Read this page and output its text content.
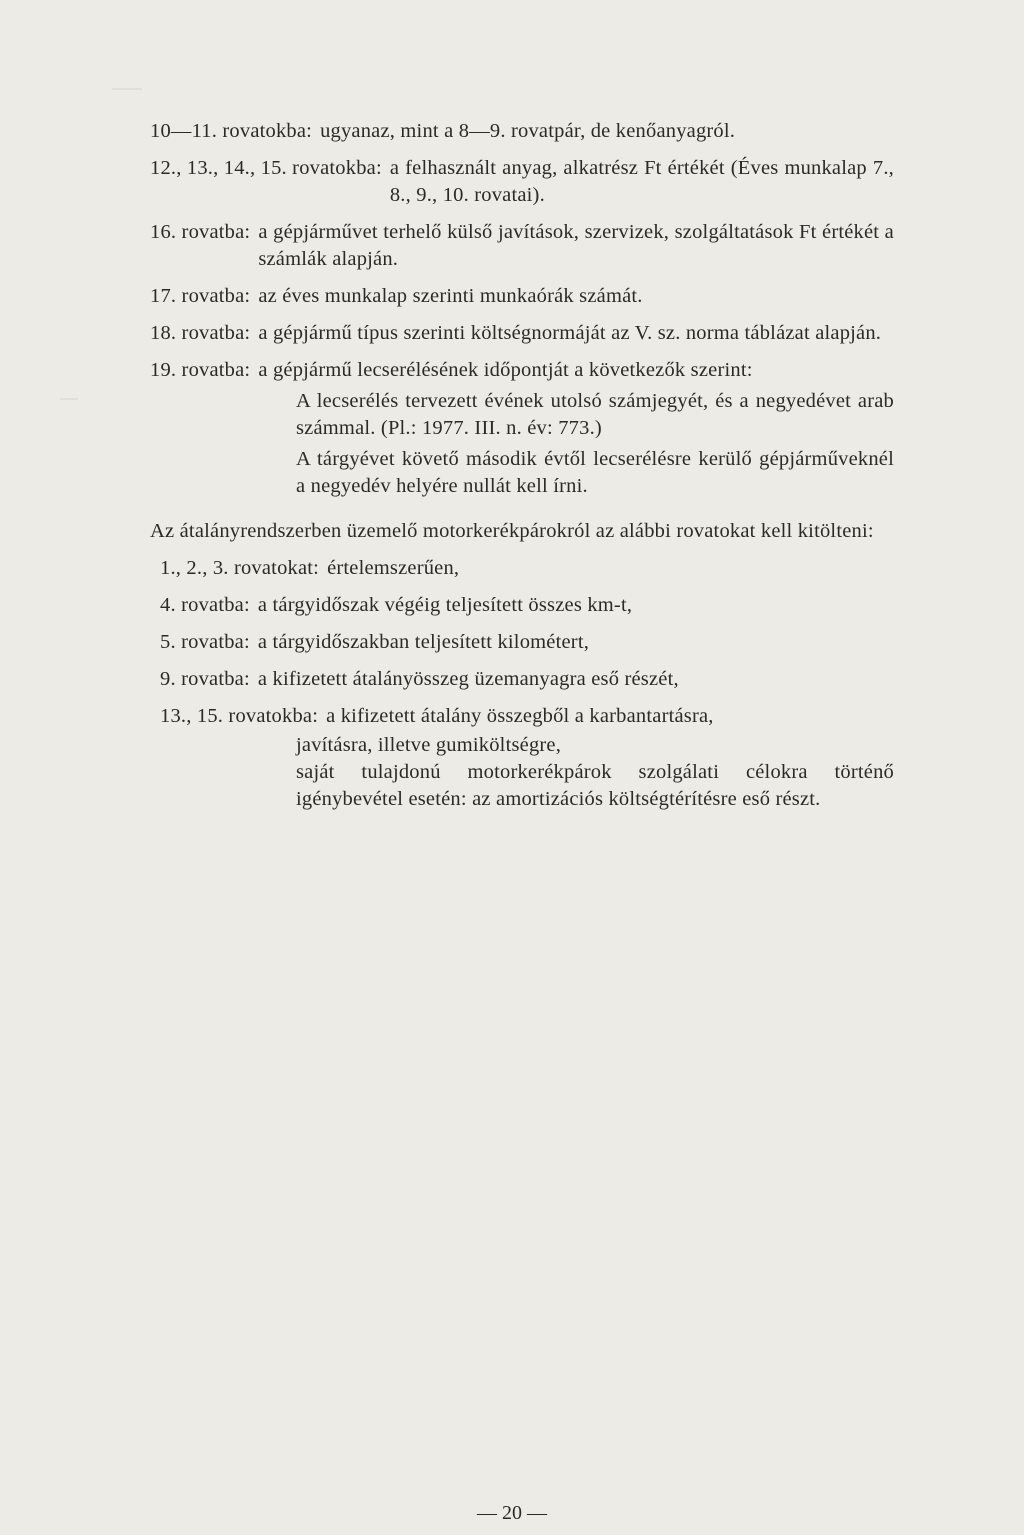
10—11. rovatokba: ugyanaz, mint a 8—9. rovatpár, de kenőanyagról.
12., 13., 14., 15. rovatokba: a felhasznált anyag, alkatrész Ft értékét (Éves munkalap 7., 8., 9., 10. rovatai).
16. rovatba: a gépjárművet terhelő külső javítások, szervizek, szolgáltatások Ft értékét a számlák alapján.
17. rovatba: az éves munkalap szerinti munkaórák számát.
18. rovatba: a gépjármű típus szerinti költségnormáját az V. sz. norma táblázat alapján.
19. rovatba: a gépjármű lecserélésének időpontját a következők szerint:
A lecserélés tervezett évének utolsó számjegyét, és a negyedévet arab számmal. (Pl.: 1977. III. n. év: 773.)
A tárgyévet követő második évtől lecserélésre kerülő gépjárműveknél a negyedév helyére nullát kell írni.
Az átalányrendszerben üzemelő motorkerékpárokról az alábbi rovatokat kell kitölteni:
1., 2., 3. rovatokat: értelemszerűen,
4. rovatba: a tárgyidőszak végéig teljesített összes km-t,
5. rovatba: a tárgyidőszakban teljesített kilométert,
9. rovatba: a kifizetett átalányösszeg üzemanyagra eső részét,
13., 15. rovatokba: a kifizetett átalány összegből a karbantartásra,
javításra, illetve gumiköltségre,
saját tulajdonú motorkerékpárok szolgálati célokra történő igénybevétel esetén: az amortizációs költségtérítésre eső részt.
— 20 —
